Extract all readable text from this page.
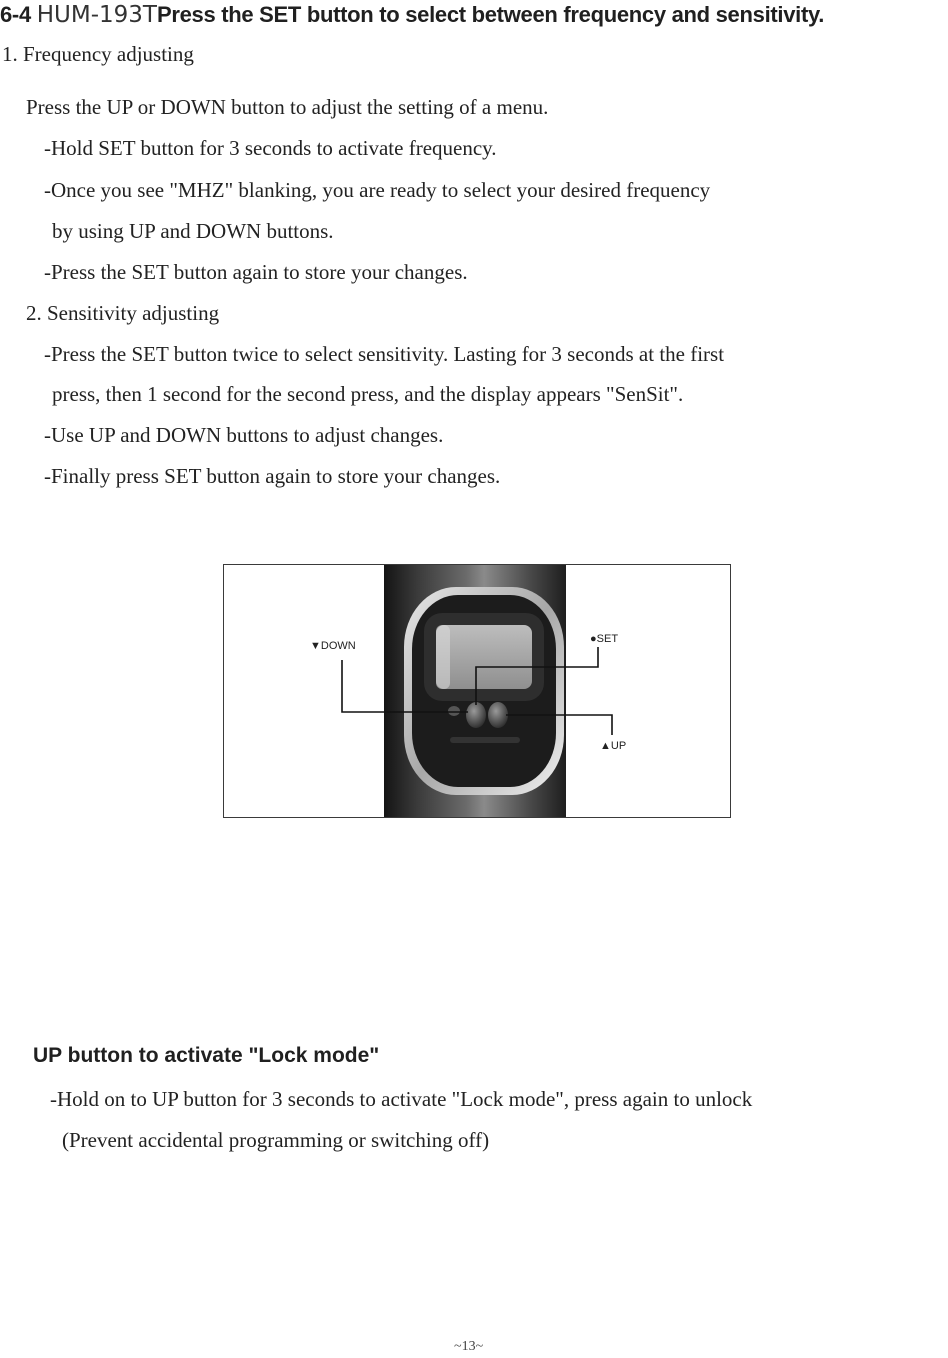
6-4 HUM-193TPress the SET button to select between frequency and sensitivity.
1. Frequency adjusting
Press the UP or DOWN button to adjust the setting of a menu.
-Hold SET button for 3 seconds to activate frequency.
-Once you see "MHZ" blanking, you are ready to select your desired frequency
by using UP and DOWN buttons.
-Press the SET button again to store your changes.
2. Sensitivity adjusting
-Press the SET button twice to select sensitivity. Lasting for 3 seconds at the first
press, then 1 second for the second press, and the display appears "SenSit".
-Use UP and DOWN buttons to adjust changes.
-Finally press SET button again to store your changes.
▼DOWN
●SET
▲UP
UP button to activate "Lock mode"
-Hold on to UP button for 3 seconds to activate "Lock mode", press again to unlock
(Prevent accidental programming or switching off)
~13~
